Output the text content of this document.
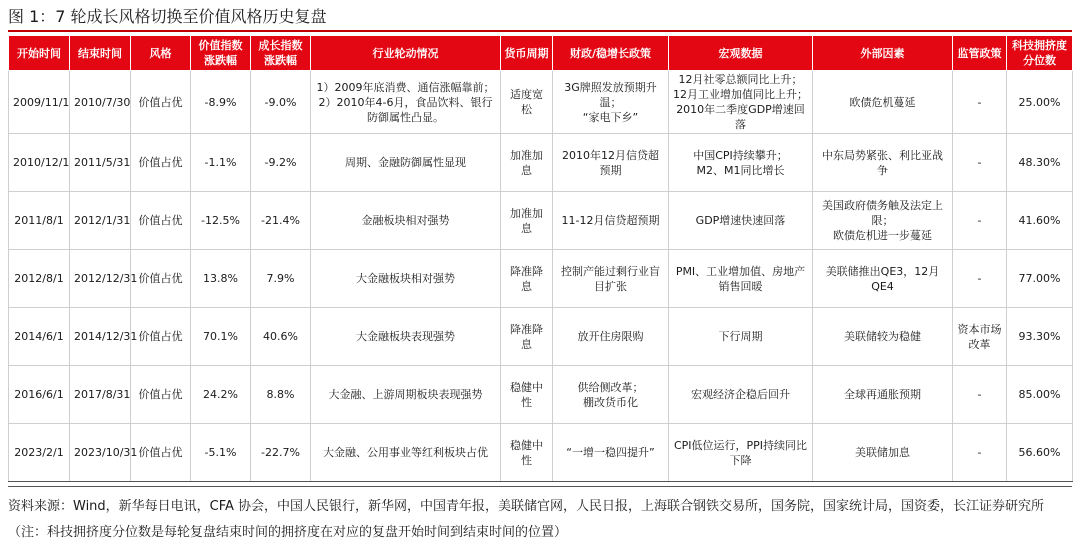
图 1：7 轮成长风格切换至价值风格历史复盘
开始时间	结束时间	风格	价值指数涨跌幅	成长指数涨跌幅	行业轮动情况	货币周期	财政/稳增长政策	宏观数据	外部因素	监管政策	科技拥挤度分位数
2009/11/1	2010/7/30	价值占优	-8.9%	-9.0%	1）2009年底消费、通信涨幅靠前；
2）2010年4-6月，食品饮料、银行防御属性凸显。	适度宽松	3G牌照发放预期升温；
“家电下乡”	12月社零总额同比上升；
12月工业增加值同比上升；
2010年二季度GDP增速回落	欧债危机蔓延	-	25.00%
2010/12/1	2011/5/31	价值占优	-1.1%	-9.2%	周期、金融防御属性显现	加准加息	2010年12月信贷超预期	中国CPI持续攀升；
M2、M1同比增长	中东局势紧张、利比亚战争	-	48.30%
2011/8/1	2012/1/31	价值占优	-12.5%	-21.4%	金融板块相对强势	加准加息	11-12月信贷超预期	GDP增速快速回落	美国政府债务触及法定上限；
欧债危机进一步蔓延	-	41.60%
2012/8/1	2012/12/31	价值占优	13.8%	7.9%	大金融板块相对强势	降准降息	控制产能过剩行业盲目扩张	PMI、工业增加值、房地产销售回暖	美联储推出QE3，12月QE4	-	77.00%
2014/6/1	2014/12/31	价值占优	70.1%	40.6%	大金融板块表现强势	降准降息	放开住房限购	下行周期	美联储较为稳健	资本市场改革	93.30%
2016/6/1	2017/8/31	价值占优	24.2%	8.8%	大金融、上游周期板块表现强势	稳健中性	供给侧改革；
棚改货币化	宏观经济企稳后回升	全球再通胀预期	-	85.00%
2023/2/1	2023/10/31	价值占优	-5.1%	-22.7%	大金融、公用事业等红利板块占优	稳健中性	“一增一稳四提升”	CPI低位运行，PPI持续同比下降	美联储加息	-	56.60%
资料来源：Wind，新华每日电讯，CFA 协会，中国人民银行，新华网，中国青年报，美联储官网，人民日报，上海联合钢铁交易所，国务院，国家统计局，国资委，长江证券研究所（注：科技拥挤度分位数是每轮复盘结束时间的拥挤度在对应的复盘开始时间到结束时间的位置）
